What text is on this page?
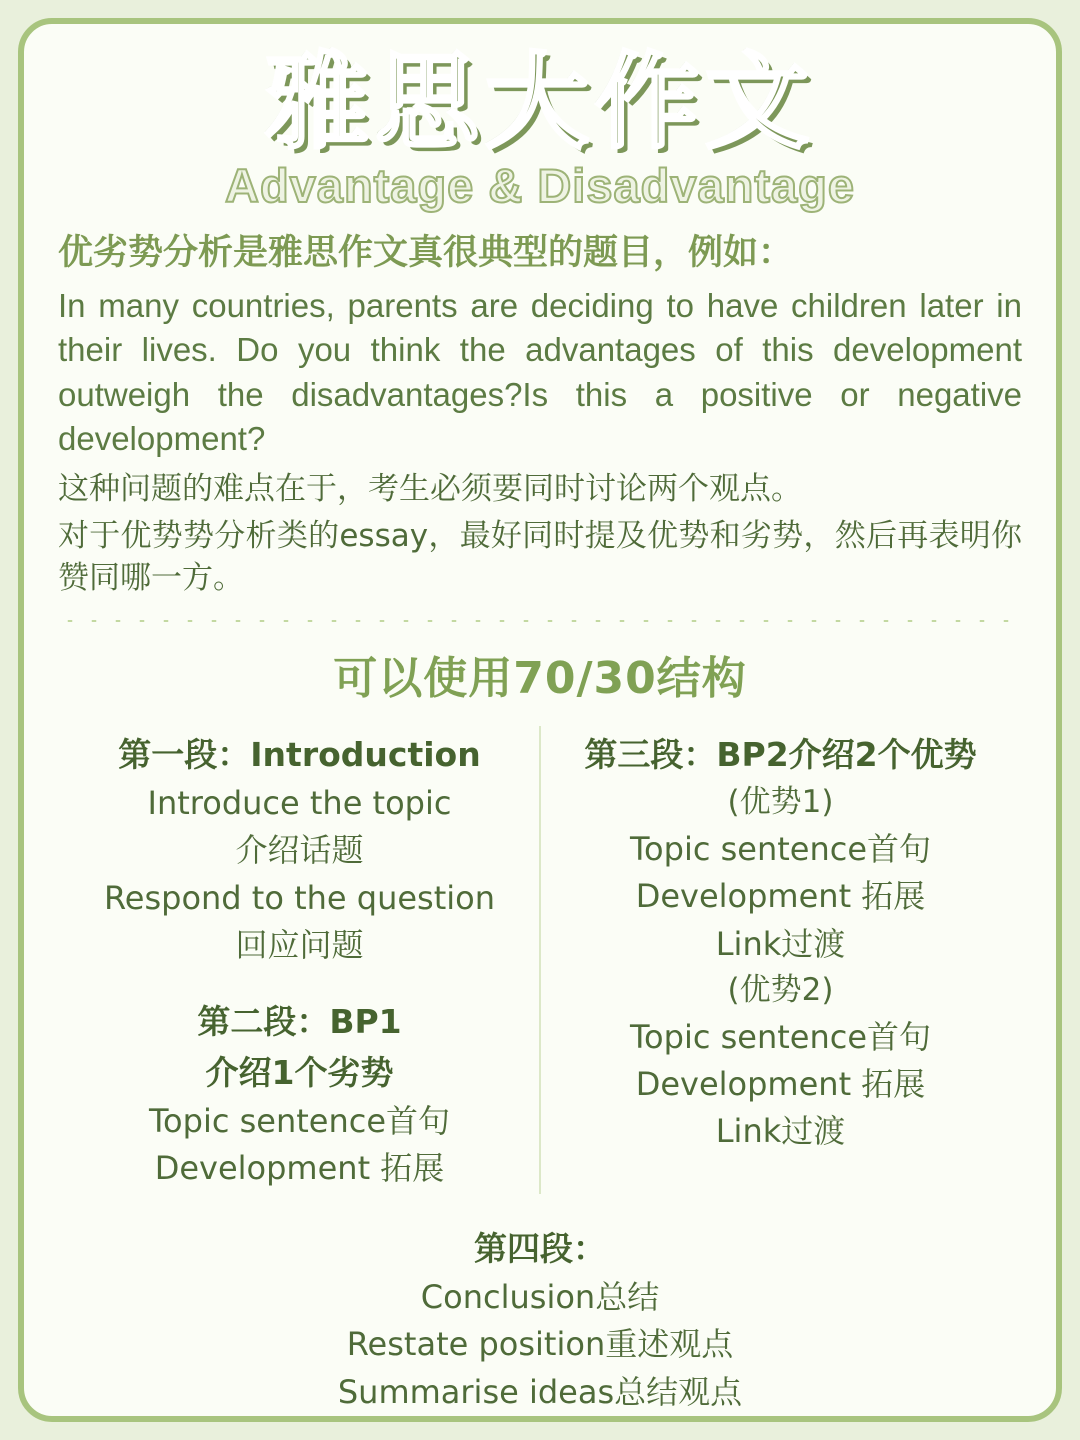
雅思大作文
Advantage & Disadvantage
优劣势分析是雅思作文真很典型的题目，例如：
In many countries, parents are deciding to have children later in their lives. Do you think the advantages of this development outweigh the disadvantages?Is this a positive or negative development?
这种问题的难点在于，考生必须要同时讨论两个观点。
对于优势势分析类的essay，最好同时提及优势和劣势，然后再表明你赞同哪一方。
可以使用70/30结构
第一段：Introduction
Introduce the topic
介绍话题
Respond to the question
回应问题
第二段：BP1
介绍1个劣势
Topic sentence首句
Development 拓展
第三段：BP2介绍2个优势
(优势1)
Topic sentence首句
Development 拓展
Link过渡
(优势2)
Topic sentence首句
Development 拓展
Link过渡
第四段：
Conclusion总结
Restate position重述观点
Summarise ideas总结观点
